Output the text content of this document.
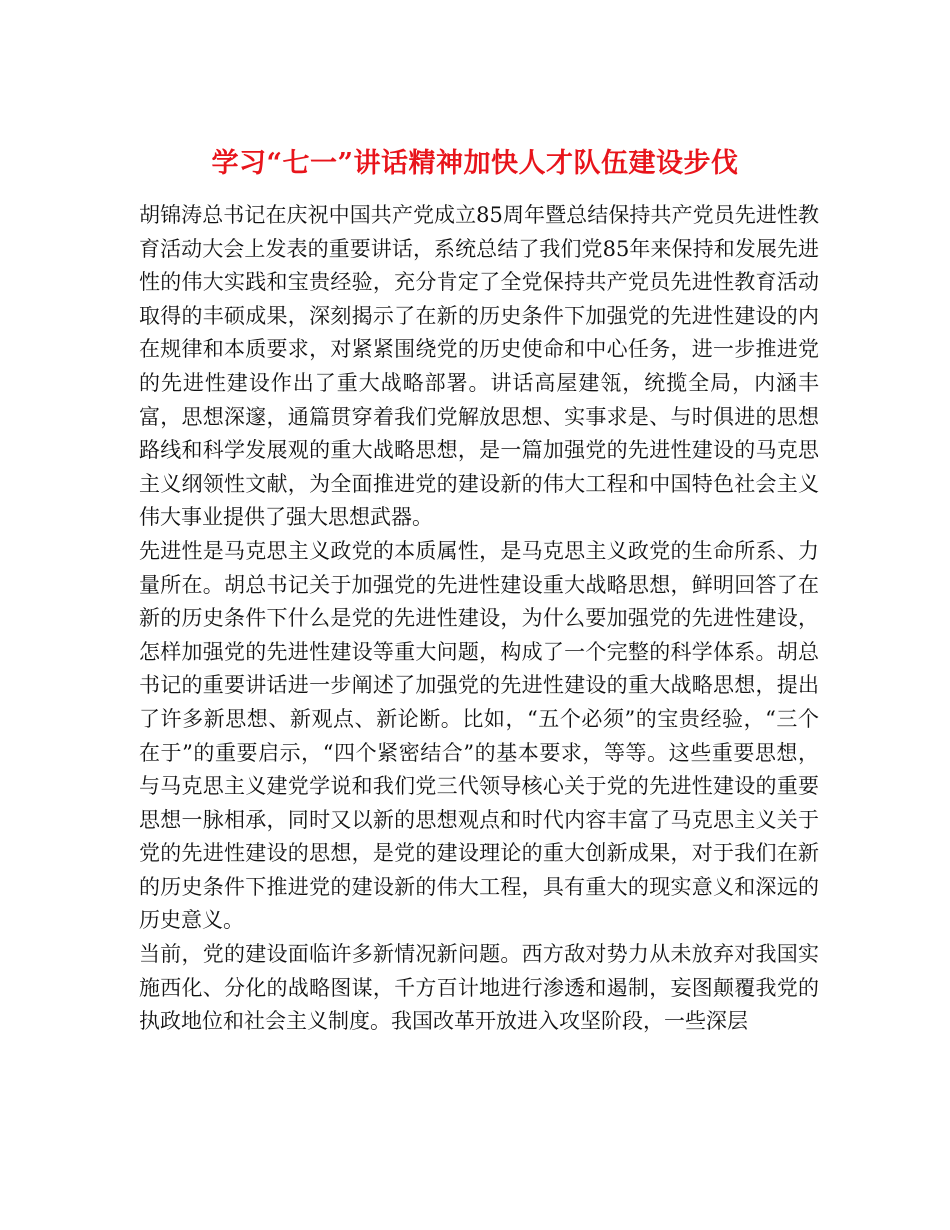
学习“七一”讲话精神加快人才队伍建设步伐

胡锦涛总书记在庆祝中国共产党成立85周年暨总结保持共产党员先进性教育活动大会上发表的重要讲话，系统总结了我们党85年来保持和发展先进性的伟大实践和宝贵经验，充分肯定了全党保持共产党员先进性教育活动取得的丰硕成果，深刻揭示了在新的历史条件下加强党的先进性建设的内在规律和本质要求，对紧紧围绕党的历史使命和中心任务，进一步推进党的先进性建设作出了重大战略部署。讲话高屋建瓴，统揽全局，内涵丰富，思想深邃，通篇贯穿着我们党解放思想、实事求是、与时俱进的思想路线和科学发展观的重大战略思想，是一篇加强党的先进性建设的马克思主义纲领性文献，为全面推进党的建设新的伟大工程和中国特色社会主义伟大事业提供了强大思想武器。

先进性是马克思主义政党的本质属性，是马克思主义政党的生命所系、力量所在。胡总书记关于加强党的先进性建设重大战略思想，鲜明回答了在新的历史条件下什么是党的先进性建设，为什么要加强党的先进性建设，怎样加强党的先进性建设等重大问题，构成了一个完整的科学体系。胡总书记的重要讲话进一步阐述了加强党的先进性建设的重大战略思想，提出了许多新思想、新观点、新论断。比如，“五个必须”的宝贵经验，“三个在于”的重要启示，“四个紧密结合”的基本要求，等等。这些重要思想，与马克思主义建党学说和我们党三代领导核心关于党的先进性建设的重要思想一脉相承，同时又以新的思想观点和时代内容丰富了马克思主义关于党的先进性建设的思想，是党的建设理论的重大创新成果，对于我们在新的历史条件下推进党的建设新的伟大工程，具有重大的现实意义和深远的历史意义。

当前，党的建设面临许多新情况新问题。西方敌对势力从未放弃对我国实施西化、分化的战略图谋，千方百计地进行渗透和遏制，妄图颠覆我党的执政地位和社会主义制度。我国改革开放进入攻坚阶段，一些深层
